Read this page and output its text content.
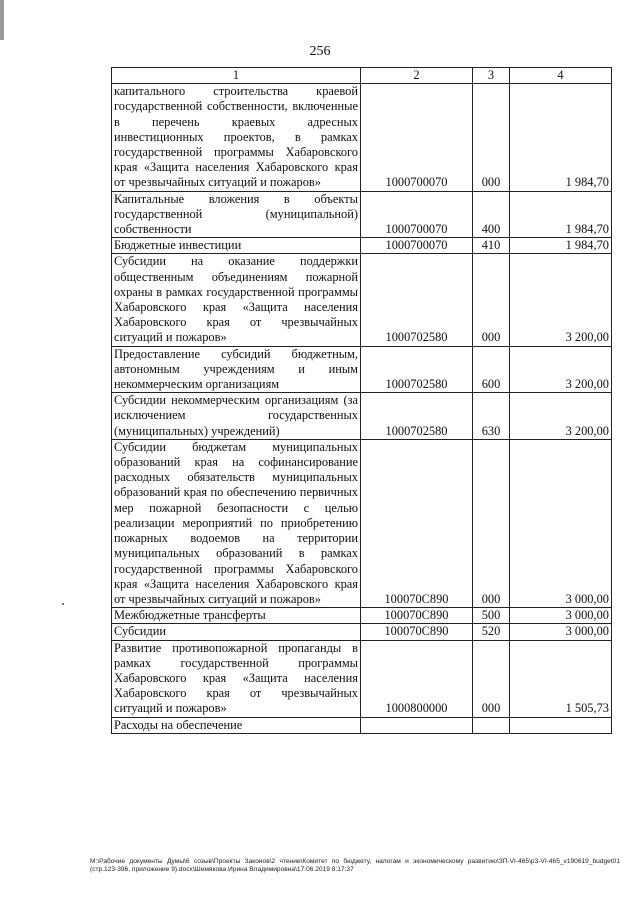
256
1	2	3	4
капитального строительства краевой государственной собственности, включенные в перечень краевых адресных инвестиционных проектов, в рамках государственной программы Хабаровского края «Защита населения Хабаровского края от чрезвычайных ситуаций и пожаров»	1000700070	000	1 984,70
Капитальные вложения в объекты государственной (муниципальной) собственности	1000700070	400	1 984,70
Бюджетные инвестиции	1000700070	410	1 984,70
Субсидии на оказание поддержки общественным объединениям пожарной охраны в рамках государственной программы Хабаровского края «Защита населения Хабаровского края от чрезвычайных ситуаций и пожаров»	1000702580	000	3 200,00
Предоставление субсидий бюджетным, автономным учреждениям и иным некоммерческим организациям	1000702580	600	3 200,00
Субсидии некоммерческим организациям (за исключением государственных (муниципальных) учреждений)	1000702580	630	3 200,00
Субсидии бюджетам муниципальных образований края на софинансирование расходных обязательств муниципальных образований края по обеспечению первичных мер пожарной безопасности с целью реализации мероприятий по приобретению пожарных водоемов на территории муниципальных образований в рамках государственной программы Хабаровского края «Защита населения Хабаровского края от чрезвычайных ситуаций и пожаров»	100070С890	000	3 000,00
Межбюджетные трансферты	100070С890	500	3 000,00
Субсидии	100070С890	520	3 000,00
Развитие противопожарной пропаганды в рамках государственной программы Хабаровского края «Защита населения Хабаровского края от чрезвычайных ситуаций и пожаров»	1000800000	000	1 505,73
Расходы на обеспечение			
M:\Рабочие документы Думы\6 созыв\Проекты Законов\2 чтение\Комитет по бюджету, налогам и экономическому развитию\ЗП-VI-465\р3-VI-465_v190619_budget01 (стр.123-396, приложение 9).docx\Шемякова Ирина Владимировна\17.06.2019 8:17:37
